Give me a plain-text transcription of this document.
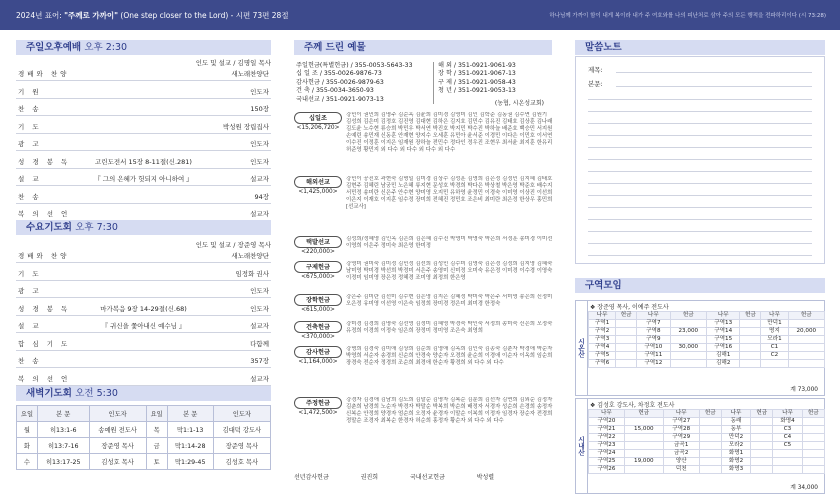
2024년 표어: "주께로 가까이" (One step closer to the Lord) - 시편 73편 28절	하나님께 가까이 함이 내게 복이라 내가 주 여호와를 나의 피난처로 삼아 주의 모든 행적을 전파하리이다 (시 73:28)
주일오후예배 오후 2:30
인도 및 설교 / 김명일 목사
경배와 찬양	새노래찬양단
기 원	인도자
찬 송	150장
기 도	박성원 장립집사
광 고	인도자
성 경 봉 독	고린도전서 15장 8-11절(신.281)	인도자
설 교	『 그의 은혜가 헛되지 아니하여 』	설교자
찬 송	94장
복 의 선 언	설교자
수요기도회 오후 7:30
인도 및 설교 / 장준영 목사
경배와 찬양	새노래찬양단
기 도	임정화 권사
광 고	인도자
성 경 봉 독	마가복음 9장 14-29절(신.68)	인도자
설 교	『 귀신을 쫓아내신 예수님 』	설교자
합 심 기 도	다함께
찬 송	357장
복 의 선 언	설교자
새벽기도회 오전 5:30
요일	본 문	인도자	요일	본 문	인도자
월	히13:1-6	송예원 전도사	목	막1:1-13	김대덕 강도사
화	히13:7-16	장준영 목사	금	막1:14-28	장준영 목사
수	히13:17-25	김성호 목사	토	막1:29-45	김성호 목사
주께 드린 예물
주일헌금(특별헌금) / 355-0053-5643-33
십 일 조 / 355-0026-9876-73
감사헌금 / 355-0026-9879-63
건 축 / 355-0034-3650-93
국내선교 / 351-0921-9073-13
해 외 / 351-0921-9061-93
장 학 / 351-0921-9067-13
구 제 / 351-0921-9058-43
청 년 / 351-0921-9053-13
(농협, 시온성교회)
십일조
<15,206,720>
강민이 권민희 김명주 김순옥 김윤희 김미경 김영미 김인 김학준 김동권 김수연 김원기 김성희 김은미 김정호 김진영 김대현 김하은 김지호 김민수 김유진 김태호 김상훈 김나래 김도윤 노수현 류승희 박민우 박서연 박진호 박지민 박수진 박하늘 배준호 백승민 서지원 손예린 송민재 신동훈 안재현 양지수 오세훈 유민아 윤서준 이경민 이다은 이민호 이서연 이수진 이정훈 이지은 임재원 장하늘 전민수 정다인 정우진 조현우 최서윤 최지훈 한유리 허준영 황민지 외 다수 외 다수 외 다수 외 다수
해외선교
<1,425,000>
강민이 공진호 곽현숙 김명일 김미경 김상수 김성훈 김영희 김은정 김정민 김지혜 김태호 김현주 김혜린 남궁민 노은혜 류지현 문성호 박경희 박다은 박상철 박은영 박준호 배수지 서민정 송미란 신은주 안수현 양미영 오지민 유하영 윤정민 이경숙 이미영 이상진 이선희 이은지 이재호 이지훈 임수정 장미희 전혜진 정민호 조은비 최미란 최은정 한상우 홍민희 [선교사]
택발선교
<220,000>
김성희/정혜영 김인옥 김은희 김은혜 김수진 박영미 박영숙 박은희 서정훈 송미경 이미선 이영희 이은주 정미숙 최은영 한미정
구제헌금
<675,000>
강영미 권미숙 김미정 김민정 김선희 김성민 김수미 김영숙 김은경 김정희 김지영 김혜숙 남미영 박미경 박선희 박정미 서은주 송영미 신미정 오미숙 유은정 이미경 이수경 이영숙 이정미 임미영 장은정 정혜경 조미영 최정희 한은영
장학헌금
<615,000>
강은주 김미란 김선미 김수현 김은영 김지은 김혜정 박미숙 박은주 서미영 송은희 신정미 오은정 유미영 이선영 이은숙 임정희 장미경 정은미 최미경 한정숙
건축헌금
<370,000>
강미경 김경희 김명숙 김선영 김정미 김혜영 박경숙 박인숙 서정희 송미숙 신은희 오정숙 유정희 이경희 이정숙 임은희 장정미 정미영 조은숙 최영희
감사헌금
<1,164,000>
강명희 김경숙 김미애 김상희 김순희 김영애 김옥희 김인숙 김종숙 김춘자 박경애 박순자 박영희 서순자 송경희 신순희 안경숙 양순자 오경희 윤순희 이경애 이순자 이옥희 임순희 장경숙 전순자 정경희 조순희 최경애 한순자 황경희 외 다수 외 다수
주정헌금
<1,472,500>
강경자 김경애 김남희 김도희 김말순 김명자 김복순 김분희 김선자 김연희 김외순 김정자 김춘희 남경희 노순자 박경자 박말순 박복희 박순희 배정자 서경자 성순희 손경희 송정자 신복순 안정희 양경자 엄순희 오정자 윤경자 이말순 이복희 이정자 임경자 장순자 전경희 정말순 조경자 최복순 한경자 허순희 홍정자 황순자 외 다수 외 다수
선년감사헌금	권진희	국내선교헌금	박성렬
말씀노트
제목:
본문:
구역모임
시온산
❖ 장준영 목사, 이예주 전도사
나무	헌금	나무	헌금	나무	헌금	나무	헌금
구역1		구역7		구역13		만덕1	
구역2		구역8	23,000	구역14		명지	20,000
구역3		구역9		구역15		모라1	
구역4		구역10	30,000	구역16		C1	
구역5		구역11		김해1		C2	
구역6		구역12		김해2			
계 73,000
시내산
❖ 김성호 강도사, 차정호 전도사
나무	헌금	나무	헌금	나무	헌금	나무	헌금
구역20		구역27		동래		화명4	
구역21	15,000	구역28		동부		C3	
구역22		구역29		만덕2		C4	
구역23		금곡1		모라2		C5	
구역24		금곡2		화명1			
구역25	19,000	양산		화명2			
구역26		덕천		화명3			
계 34,000
